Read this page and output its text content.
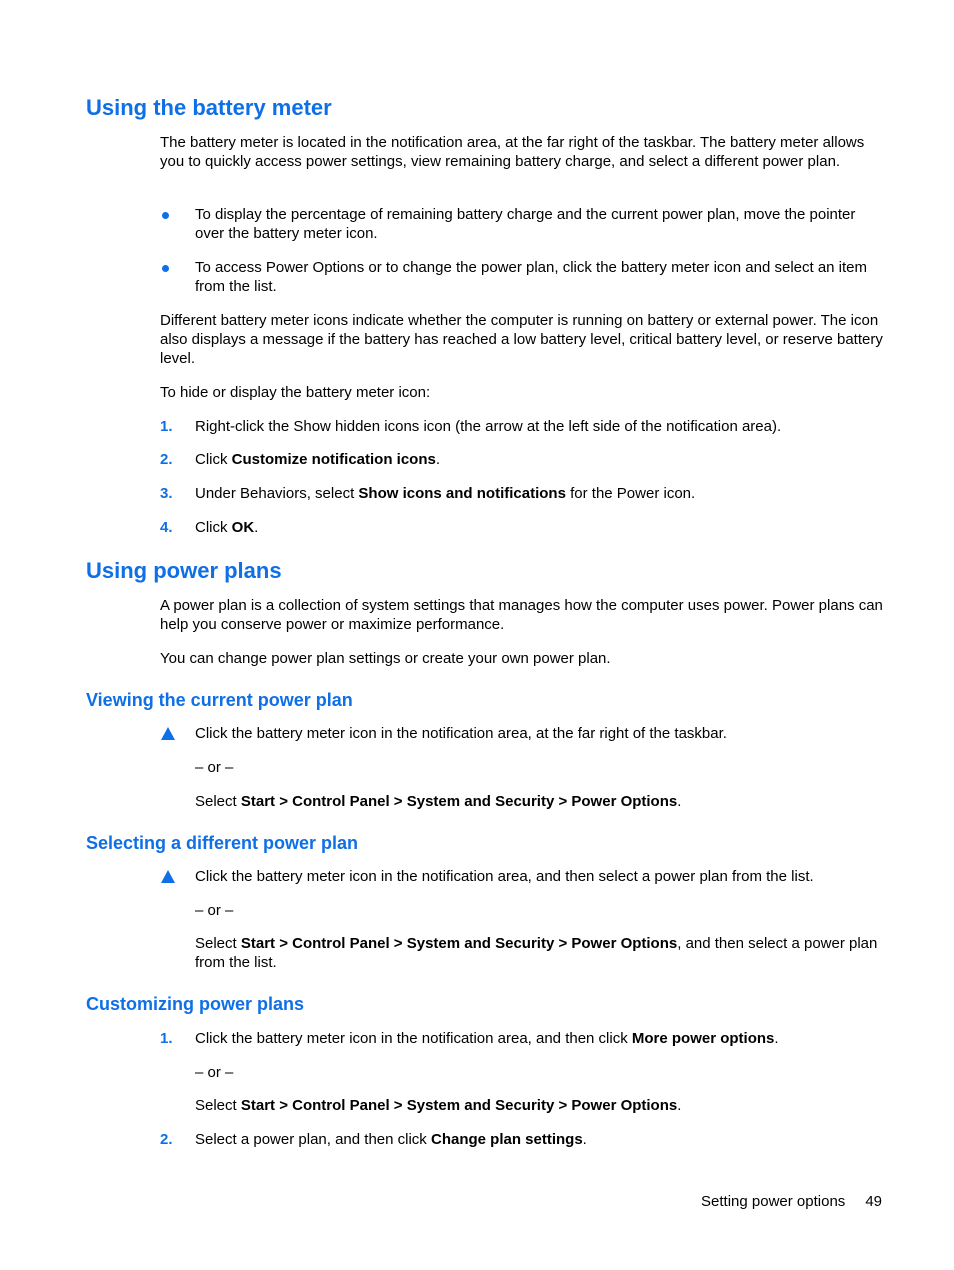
Using the battery meter

The battery meter is located in the notification area, at the far right of the taskbar. The battery meter allows you to quickly access power settings, view remaining battery charge, and select a different power plan.

To display the percentage of remaining battery charge and the current power plan, move the pointer over the battery meter icon.
To access Power Options or to change the power plan, click the battery meter icon and select an item from the list.

Different battery meter icons indicate whether the computer is running on battery or external power. The icon also displays a message if the battery has reached a low battery level, critical battery level, or reserve battery level.

To hide or display the battery meter icon:

1. Right-click the Show hidden icons icon (the arrow at the left side of the notification area).
2. Click Customize notification icons.
3. Under Behaviors, select Show icons and notifications for the Power icon.
4. Click OK.
Using power plans

A power plan is a collection of system settings that manages how the computer uses power. Power plans can help you conserve power or maximize performance.

You can change power plan settings or create your own power plan.

Viewing the current power plan
Click the battery meter icon in the notification area, at the far right of the taskbar.
– or –
Select Start > Control Panel > System and Security > Power Options.
Selecting a different power plan
Click the battery meter icon in the notification area, and then select a power plan from the list.
– or –
Select Start > Control Panel > System and Security > Power Options, and then select a power plan from the list.
Customizing power plans
1. Click the battery meter icon in the notification area, and then click More power options.
– or –
Select Start > Control Panel > System and Security > Power Options.
2. Select a power plan, and then click Change plan settings.
Setting power options 49
